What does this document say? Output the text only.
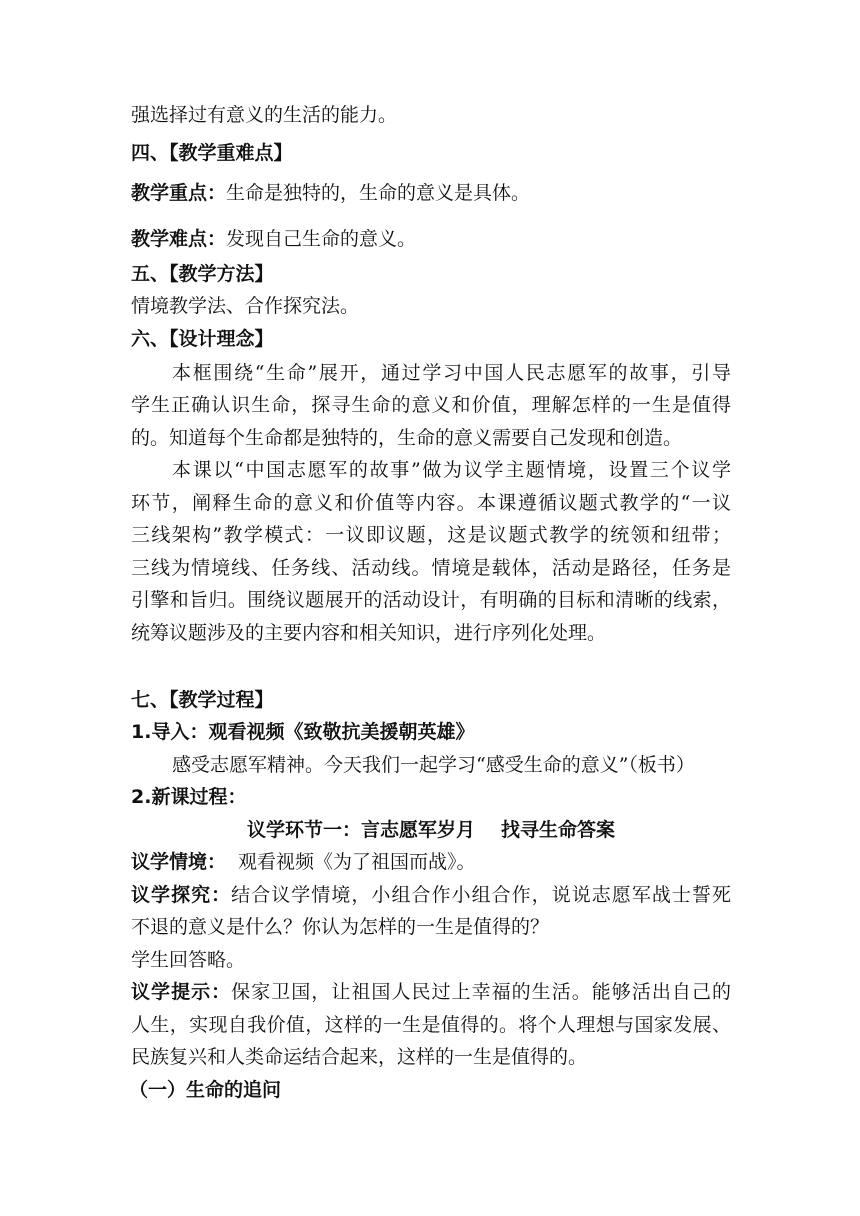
强选择过有意义的生活的能力。
四、【教学重难点】
教学重点：生命是独特的，生命的意义是具体。
教学难点：发现自己生命的意义。
五、【教学方法】
情境教学法、合作探究法。
六、【设计理念】
本框围绕“生命”展开，通过学习中国人民志愿军的故事，引导
学生正确认识生命，探寻生命的意义和价值，理解怎样的一生是值得
的。知道每个生命都是独特的，生命的意义需要自己发现和创造。
本课以“中国志愿军的故事”做为议学主题情境，设置三个议学
环节，阐释生命的意义和价值等内容。本课遵循议题式教学的“一议
三线架构”教学模式：一议即议题，这是议题式教学的统领和纽带；
三线为情境线、任务线、活动线。情境是载体，活动是路径，任务是
引擎和旨归。围绕议题展开的活动设计，有明确的目标和清晰的线索，
统筹议题涉及的主要内容和相关知识，进行序列化处理。
七、【教学过程】
1.导入：观看视频《致敬抗美援朝英雄》
感受志愿军精神。今天我们一起学习“感受生命的意义”（板书）
2.新课过程：
议学环节一：言志愿军岁月 找寻生命答案
议学情境： 观看视频《为了祖国而战》。
议学探究：结合议学情境，小组合作小组合作，说说志愿军战士誓死
不退的意义是什么？你认为怎样的一生是值得的？
学生回答略。
议学提示：保家卫国，让祖国人民过上幸福的生活。能够活出自己的
人生，实现自我价值，这样的一生是值得的。将个人理想与国家发展、
民族复兴和人类命运结合起来，这样的一生是值得的。
（一）生命的追问
